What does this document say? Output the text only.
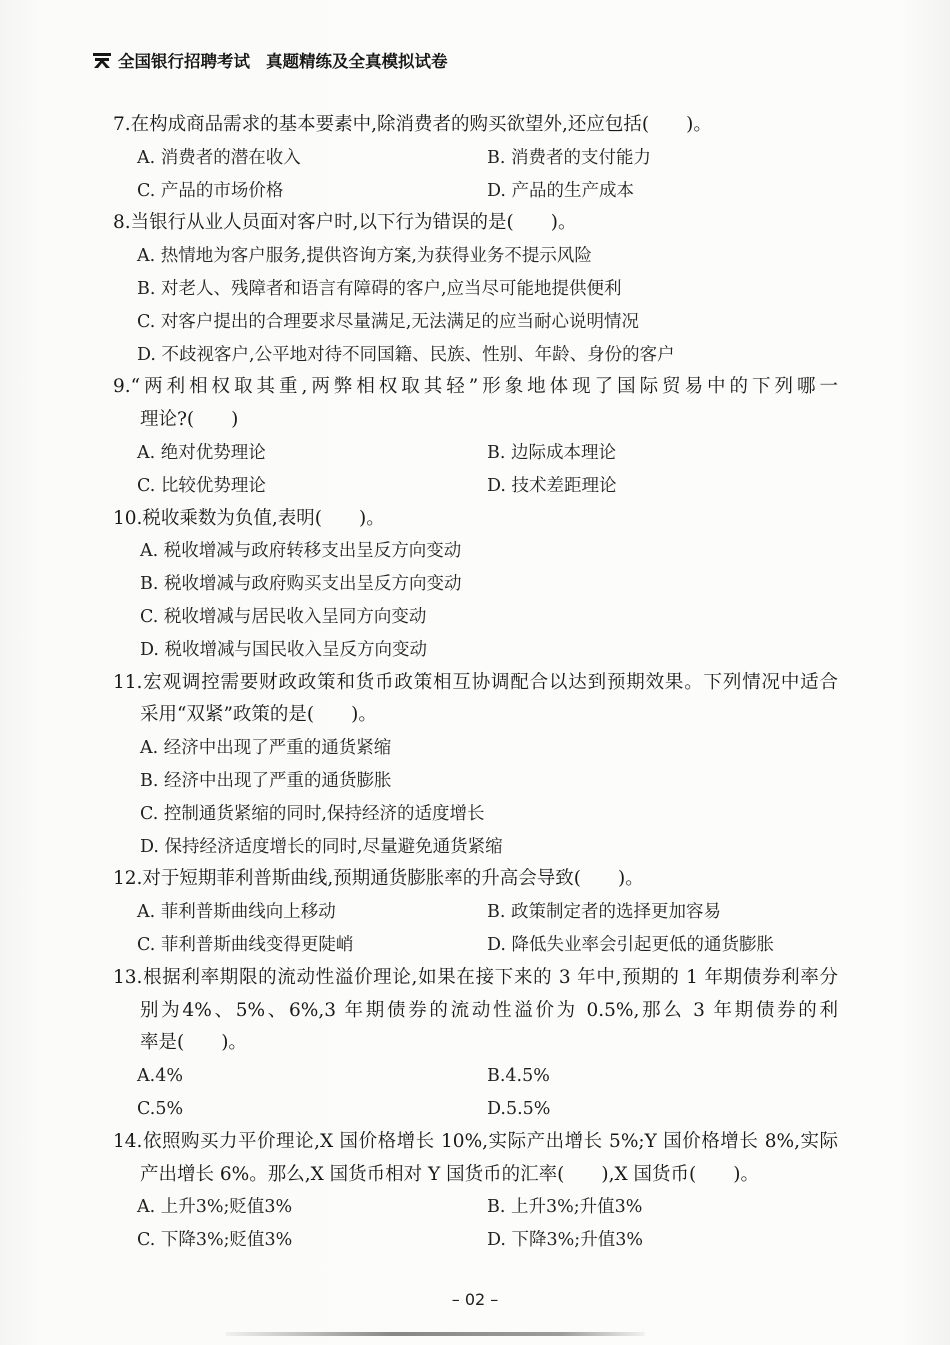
全国银行招聘考试 真题精练及全真模拟试卷
7.在构成商品需求的基本要素中,除消费者的购买欲望外,还应包括(　　)。
A. 消费者的潜在收入	B. 消费者的支付能力
C. 产品的市场价格	D. 产品的生产成本
8.当银行从业人员面对客户时,以下行为错误的是(　　)。
A. 热情地为客户服务,提供咨询方案,为获得业务不提示风险
B. 对老人、残障者和语言有障碍的客户,应当尽可能地提供便利
C. 对客户提出的合理要求尽量满足,无法满足的应当耐心说明情况
D. 不歧视客户,公平地对待不同国籍、民族、性别、年龄、身份的客户
9.“两利相权取其重,两弊相权取其轻”形象地体现了国际贸易中的下列哪一
理论?(　　)
A. 绝对优势理论	B. 边际成本理论
C. 比较优势理论	D. 技术差距理论
10.税收乘数为负值,表明(　　)。
A. 税收增减与政府转移支出呈反方向变动
B. 税收增减与政府购买支出呈反方向变动
C. 税收增减与居民收入呈同方向变动
D. 税收增减与国民收入呈反方向变动
11.宏观调控需要财政政策和货币政策相互协调配合以达到预期效果。下列情况中适合
采用“双紧”政策的是(　　)。
A. 经济中出现了严重的通货紧缩
B. 经济中出现了严重的通货膨胀
C. 控制通货紧缩的同时,保持经济的适度增长
D. 保持经济适度增长的同时,尽量避免通货紧缩
12.对于短期菲利普斯曲线,预期通货膨胀率的升高会导致(　　)。
A. 菲利普斯曲线向上移动	B. 政策制定者的选择更加容易
C. 菲利普斯曲线变得更陡峭	D. 降低失业率会引起更低的通货膨胀
13.根据利率期限的流动性溢价理论,如果在接下来的 3 年中,预期的 1 年期债券利率分
别为4%、5%、6%,3 年期债券的流动性溢价为 0.5%,那么 3 年期债券的利
率是(　　)。
A.4%	B.4.5%
C.5%	D.5.5%
14.依照购买力平价理论,X 国价格增长 10%,实际产出增长 5%;Y 国价格增长 8%,实际
产出增长 6%。那么,X 国货币相对 Y 国货币的汇率(　　),X 国货币(　　)。
A. 上升3%;贬值3%	B. 上升3%;升值3%
C. 下降3%;贬值3%	D. 下降3%;升值3%
– 02 –
